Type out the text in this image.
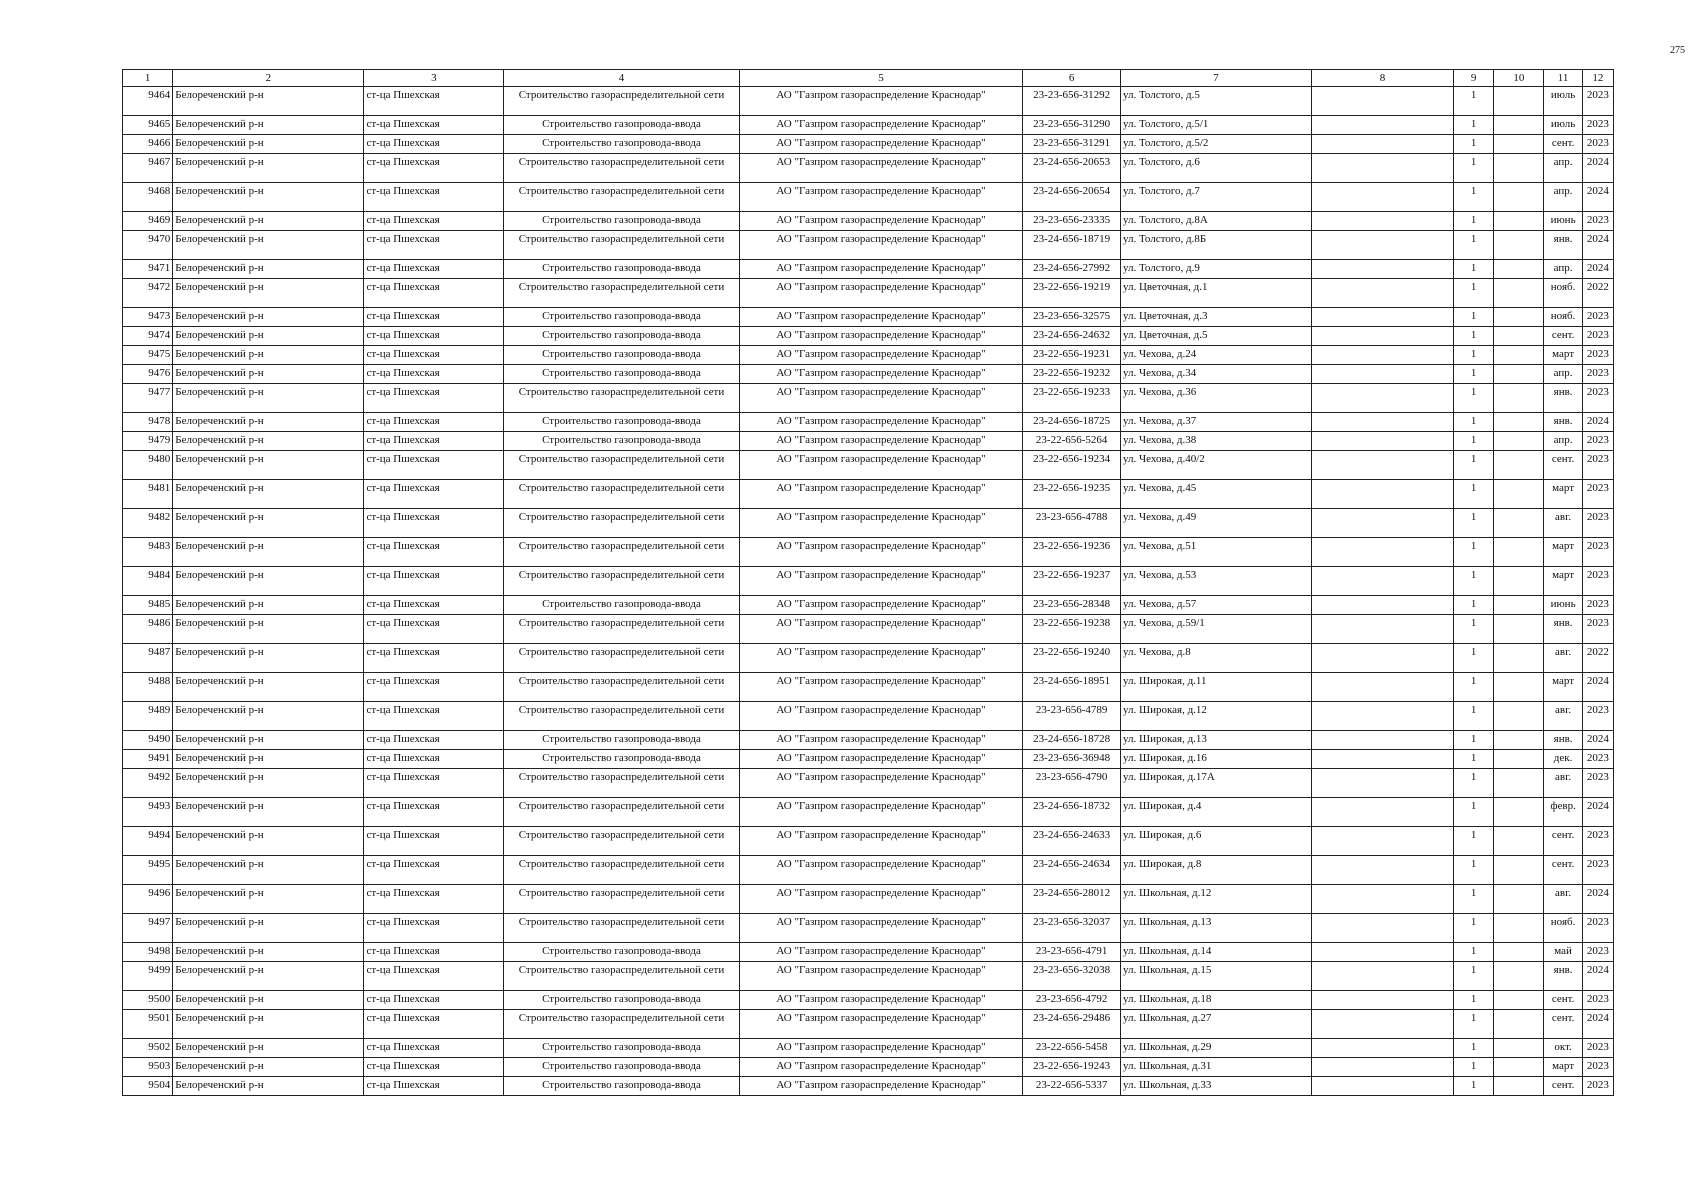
275
1	2	3	4	5	6	7	8	9	10	11	12

9464	Белореченский р-н	ст-ца Пшехская	Строительство газораспределительной сети	АО "Газпром газораспределение Краснодар"	23-23-656-31292	ул. Толстого, д.5		1		июль	2023

9465	Белореченский р-н	ст-ца Пшехская	Строительство газопровода-ввода	АО "Газпром газораспределение Краснодар"	23-23-656-31290	ул. Толстого, д.5/1		1		июль	2023

9466	Белореченский р-н	ст-ца Пшехская	Строительство газопровода-ввода	АО "Газпром газораспределение Краснодар"	23-23-656-31291	ул. Толстого, д.5/2		1		сент.	2023

9467	Белореченский р-н	ст-ца Пшехская	Строительство газораспределительной сети	АО "Газпром газораспределение Краснодар"	23-24-656-20653	ул. Толстого, д.6		1		апр.	2024

9468	Белореченский р-н	ст-ца Пшехская	Строительство газораспределительной сети	АО "Газпром газораспределение Краснодар"	23-24-656-20654	ул. Толстого, д.7		1		апр.	2024

9469	Белореченский р-н	ст-ца Пшехская	Строительство газопровода-ввода	АО "Газпром газораспределение Краснодар"	23-23-656-23335	ул. Толстого, д.8А		1		июнь	2023

9470	Белореченский р-н	ст-ца Пшехская	Строительство газораспределительной сети	АО "Газпром газораспределение Краснодар"	23-24-656-18719	ул. Толстого, д.8Б		1		янв.	2024

9471	Белореченский р-н	ст-ца Пшехская	Строительство газопровода-ввода	АО "Газпром газораспределение Краснодар"	23-24-656-27992	ул. Толстого, д.9		1		апр.	2024

9472	Белореченский р-н	ст-ца Пшехская	Строительство газораспределительной сети	АО "Газпром газораспределение Краснодар"	23-22-656-19219	ул. Цветочная, д.1		1		нояб.	2022

9473	Белореченский р-н	ст-ца Пшехская	Строительство газопровода-ввода	АО "Газпром газораспределение Краснодар"	23-23-656-32575	ул. Цветочная, д.3		1		нояб.	2023

9474	Белореченский р-н	ст-ца Пшехская	Строительство газопровода-ввода	АО "Газпром газораспределение Краснодар"	23-24-656-24632	ул. Цветочная, д.5		1		сент.	2023

9475	Белореченский р-н	ст-ца Пшехская	Строительство газопровода-ввода	АО "Газпром газораспределение Краснодар"	23-22-656-19231	ул. Чехова, д.24		1		март	2023

9476	Белореченский р-н	ст-ца Пшехская	Строительство газопровода-ввода	АО "Газпром газораспределение Краснодар"	23-22-656-19232	ул. Чехова, д.34		1		апр.	2023

9477	Белореченский р-н	ст-ца Пшехская	Строительство газораспределительной сети	АО "Газпром газораспределение Краснодар"	23-22-656-19233	ул. Чехова, д.36		1		янв.	2023

9478	Белореченский р-н	ст-ца Пшехская	Строительство газопровода-ввода	АО "Газпром газораспределение Краснодар"	23-24-656-18725	ул. Чехова, д.37		1		янв.	2024

9479	Белореченский р-н	ст-ца Пшехская	Строительство газопровода-ввода	АО "Газпром газораспределение Краснодар"	23-22-656-5264	ул. Чехова, д.38		1		апр.	2023

9480	Белореченский р-н	ст-ца Пшехская	Строительство газораспределительной сети	АО "Газпром газораспределение Краснодар"	23-22-656-19234	ул. Чехова, д.40/2		1		сент.	2023

9481	Белореченский р-н	ст-ца Пшехская	Строительство газораспределительной сети	АО "Газпром газораспределение Краснодар"	23-22-656-19235	ул. Чехова, д.45		1		март	2023

9482	Белореченский р-н	ст-ца Пшехская	Строительство газораспределительной сети	АО "Газпром газораспределение Краснодар"	23-23-656-4788	ул. Чехова, д.49		1		авг.	2023

9483	Белореченский р-н	ст-ца Пшехская	Строительство газораспределительной сети	АО "Газпром газораспределение Краснодар"	23-22-656-19236	ул. Чехова, д.51		1		март	2023

9484	Белореченский р-н	ст-ца Пшехская	Строительство газораспределительной сети	АО "Газпром газораспределение Краснодар"	23-22-656-19237	ул. Чехова, д.53		1		март	2023

9485	Белореченский р-н	ст-ца Пшехская	Строительство газопровода-ввода	АО "Газпром газораспределение Краснодар"	23-23-656-28348	ул. Чехова, д.57		1		июнь	2023

9486	Белореченский р-н	ст-ца Пшехская	Строительство газораспределительной сети	АО "Газпром газораспределение Краснодар"	23-22-656-19238	ул. Чехова, д.59/1		1		янв.	2023

9487	Белореченский р-н	ст-ца Пшехская	Строительство газораспределительной сети	АО "Газпром газораспределение Краснодар"	23-22-656-19240	ул. Чехова, д.8		1		авг.	2022

9488	Белореченский р-н	ст-ца Пшехская	Строительство газораспределительной сети	АО "Газпром газораспределение Краснодар"	23-24-656-18951	ул. Широкая, д.11		1		март	2024

9489	Белореченский р-н	ст-ца Пшехская	Строительство газораспределительной сети	АО "Газпром газораспределение Краснодар"	23-23-656-4789	ул. Широкая, д.12		1		авг.	2023

9490	Белореченский р-н	ст-ца Пшехская	Строительство газопровода-ввода	АО "Газпром газораспределение Краснодар"	23-24-656-18728	ул. Широкая, д.13		1		янв.	2024

9491	Белореченский р-н	ст-ца Пшехская	Строительство газопровода-ввода	АО "Газпром газораспределение Краснодар"	23-23-656-36948	ул. Широкая, д.16		1		дек.	2023

9492	Белореченский р-н	ст-ца Пшехская	Строительство газораспределительной сети	АО "Газпром газораспределение Краснодар"	23-23-656-4790	ул. Широкая, д.17А		1		авг.	2023

9493	Белореченский р-н	ст-ца Пшехская	Строительство газораспределительной сети	АО "Газпром газораспределение Краснодар"	23-24-656-18732	ул. Широкая, д.4		1		февр.	2024

9494	Белореченский р-н	ст-ца Пшехская	Строительство газораспределительной сети	АО "Газпром газораспределение Краснодар"	23-24-656-24633	ул. Широкая, д.6		1		сент.	2023

9495	Белореченский р-н	ст-ца Пшехская	Строительство газораспределительной сети	АО "Газпром газораспределение Краснодар"	23-24-656-24634	ул. Широкая, д.8		1		сент.	2023

9496	Белореченский р-н	ст-ца Пшехская	Строительство газораспределительной сети	АО "Газпром газораспределение Краснодар"	23-24-656-28012	ул. Школьная, д.12		1		авг.	2024

9497	Белореченский р-н	ст-ца Пшехская	Строительство газораспределительной сети	АО "Газпром газораспределение Краснодар"	23-23-656-32037	ул. Школьная, д.13		1		нояб.	2023

9498	Белореченский р-н	ст-ца Пшехская	Строительство газопровода-ввода	АО "Газпром газораспределение Краснодар"	23-23-656-4791	ул. Школьная, д.14		1		май	2023

9499	Белореченский р-н	ст-ца Пшехская	Строительство газораспределительной сети	АО "Газпром газораспределение Краснодар"	23-23-656-32038	ул. Школьная, д.15		1		янв.	2024

9500	Белореченский р-н	ст-ца Пшехская	Строительство газопровода-ввода	АО "Газпром газораспределение Краснодар"	23-23-656-4792	ул. Школьная, д.18		1		сент.	2023

9501	Белореченский р-н	ст-ца Пшехская	Строительство газораспределительной сети	АО "Газпром газораспределение Краснодар"	23-24-656-29486	ул. Школьная, д.27		1		сент.	2024

9502	Белореченский р-н	ст-ца Пшехская	Строительство газопровода-ввода	АО "Газпром газораспределение Краснодар"	23-22-656-5458	ул. Школьная, д.29		1		окт.	2023

9503	Белореченский р-н	ст-ца Пшехская	Строительство газопровода-ввода	АО "Газпром газораспределение Краснодар"	23-22-656-19243	ул. Школьная, д.31		1		март	2023

9504	Белореченский р-н	ст-ца Пшехская	Строительство газопровода-ввода	АО "Газпром газораспределение Краснодар"	23-22-656-5337	ул. Школьная, д.33		1		сент.	2023
